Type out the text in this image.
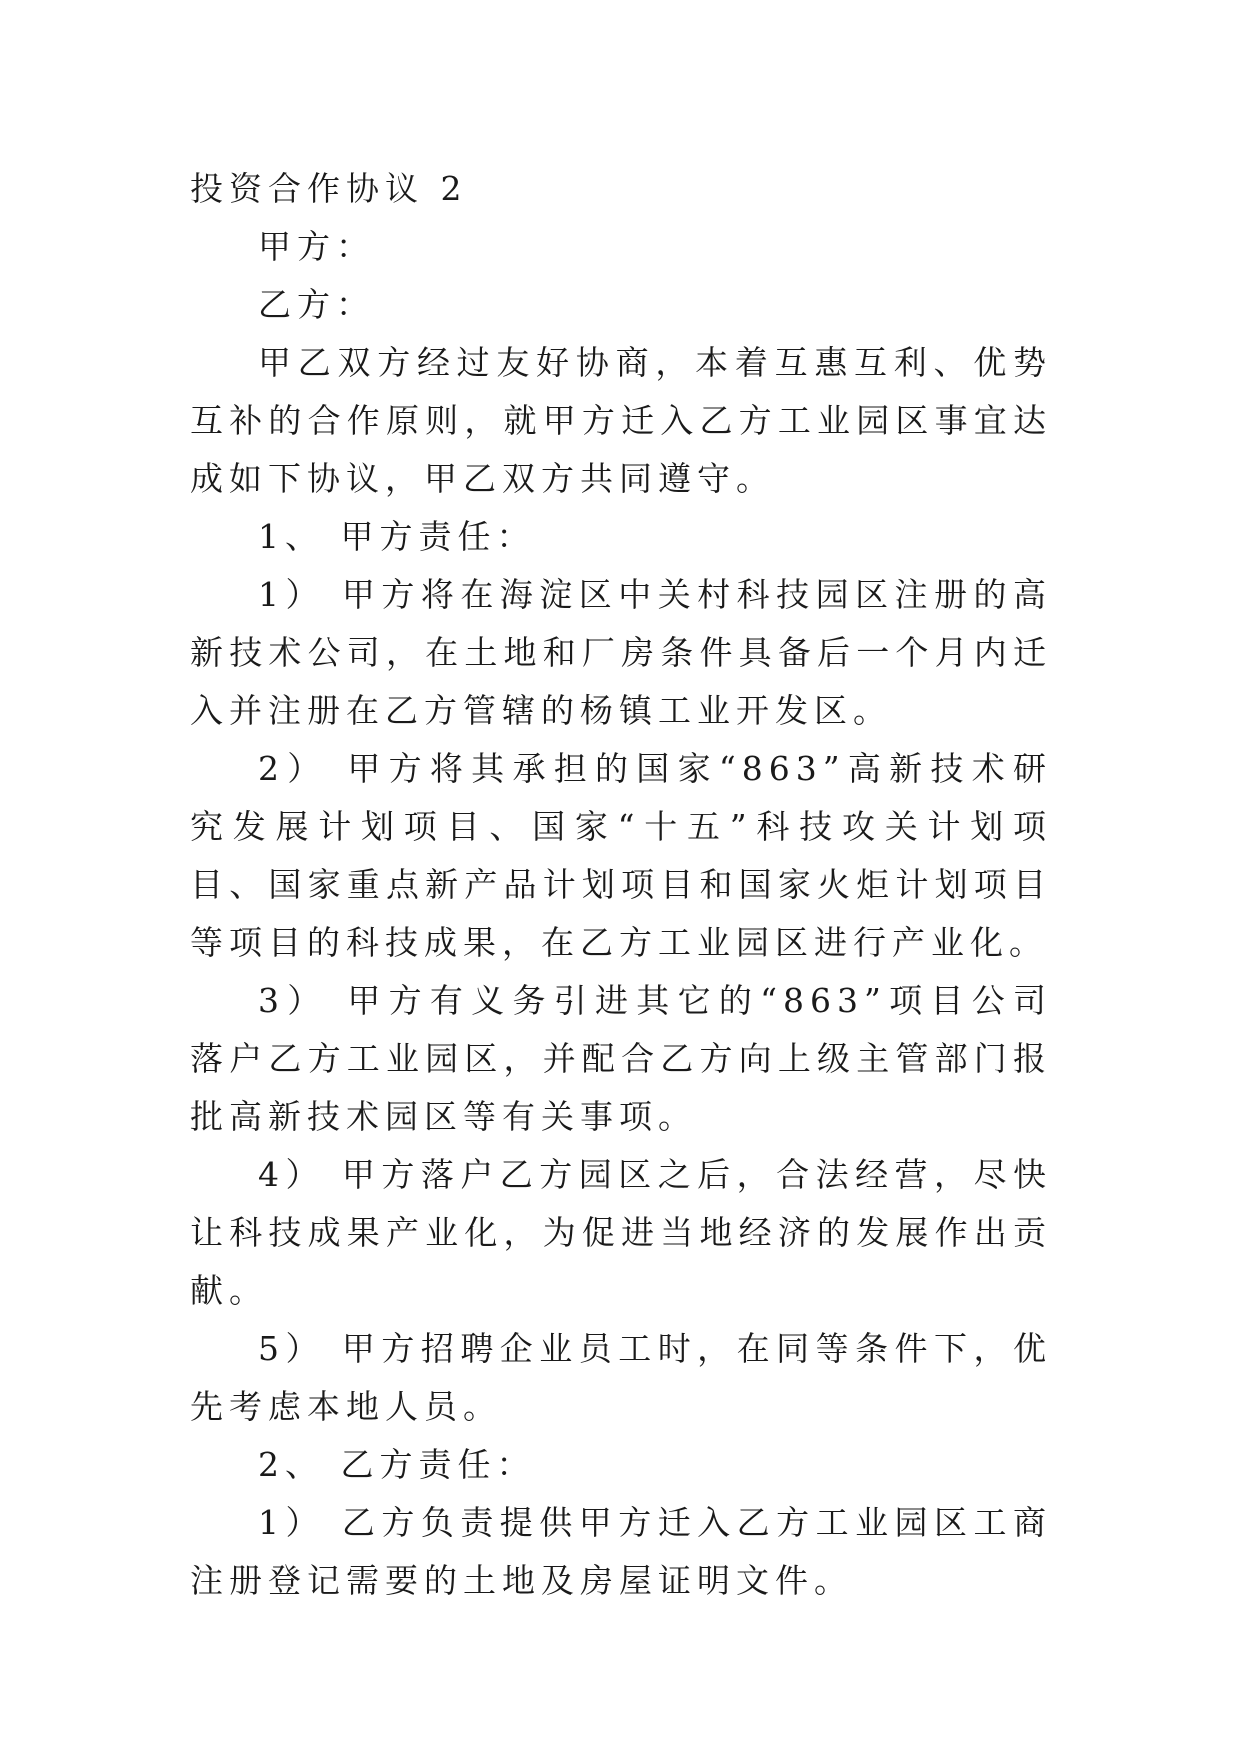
投资合作协议 2

甲方：

乙方：

甲乙双方经过友好协商，本着互惠互利、优势互补的合作原则，就甲方迁入乙方工业园区事宜达成如下协议，甲乙双方共同遵守。

1、 甲方责任：

1） 甲方将在海淀区中关村科技园区注册的高新技术公司，在土地和厂房条件具备后一个月内迁入并注册在乙方管辖的杨镇工业开发区。

2） 甲方将其承担的国家“863”高新技术研究发展计划项目、国家“十五”科技攻关计划项目、国家重点新产品计划项目和国家火炬计划项目等项目的科技成果，在乙方工业园区进行产业化。

3） 甲方有义务引进其它的“863”项目公司落户乙方工业园区，并配合乙方向上级主管部门报批高新技术园区等有关事项。

4） 甲方落户乙方园区之后，合法经营，尽快让科技成果产业化，为促进当地经济的发展作出贡献。

5） 甲方招聘企业员工时，在同等条件下，优先考虑本地人员。

2、 乙方责任：

1） 乙方负责提供甲方迁入乙方工业园区工商注册登记需要的土地及房屋证明文件。
